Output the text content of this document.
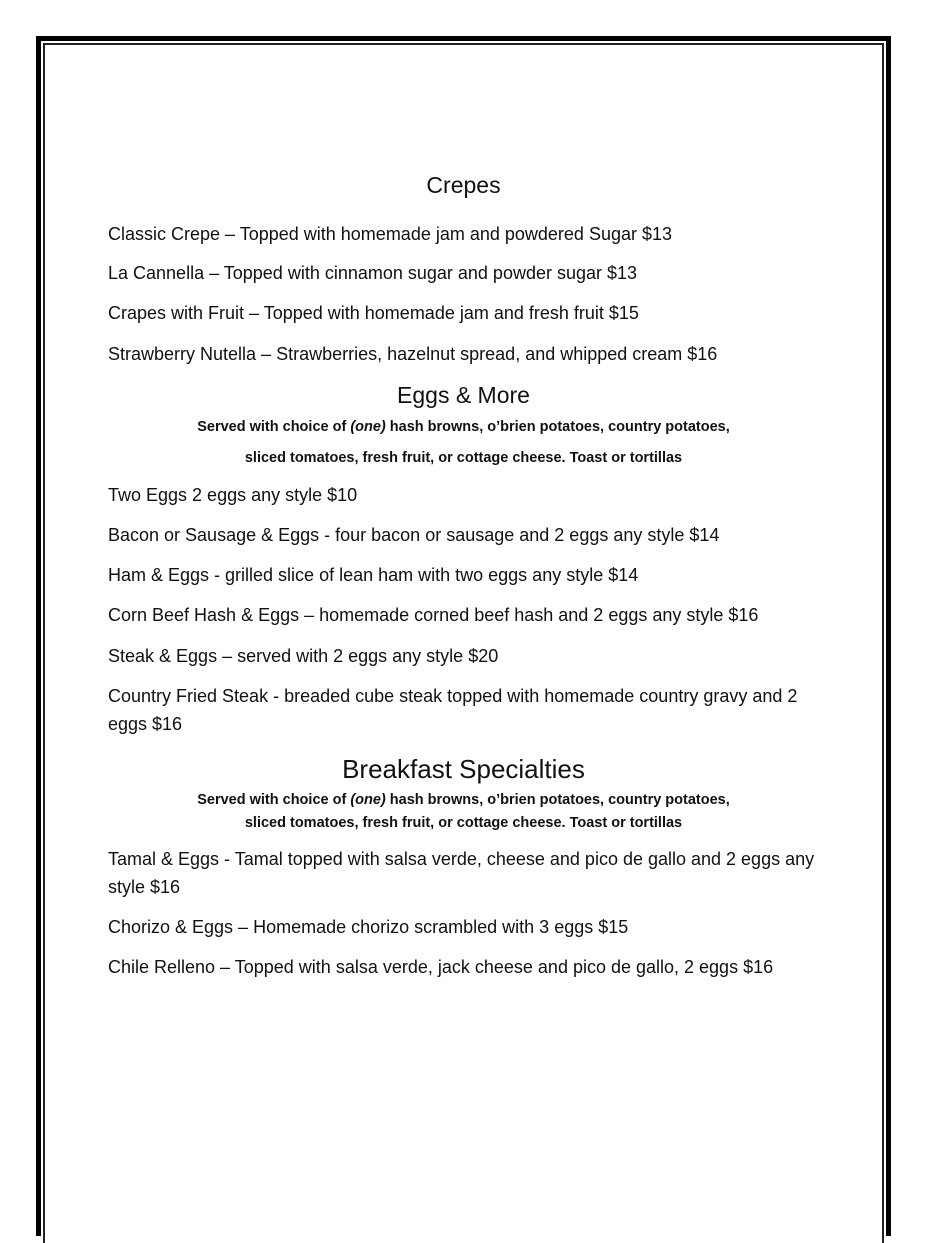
Crepes
Classic Crepe – Topped with homemade jam and powdered Sugar $13
La Cannella – Topped with cinnamon sugar and powder sugar $13
Crapes with Fruit – Topped with homemade jam and fresh fruit $15
Strawberry Nutella – Strawberries, hazelnut spread, and whipped cream $16
Eggs & More
Served with choice of (one) hash browns, o’brien potatoes, country potatoes,
sliced tomatoes, fresh fruit, or cottage cheese. Toast or tortillas
Two Eggs 2 eggs any style $10
Bacon or Sausage & Eggs - four bacon or sausage and 2 eggs any style $14
Ham & Eggs - grilled slice of lean ham with two eggs any style $14
Corn Beef Hash & Eggs – homemade corned beef hash and 2 eggs any style $16
Steak & Eggs – served with 2 eggs any style $20
Country Fried Steak - breaded cube steak topped with homemade country gravy and 2 eggs $16
Breakfast Specialties
Served with choice of (one) hash browns, o’brien potatoes, country potatoes,
sliced tomatoes, fresh fruit, or cottage cheese. Toast or tortillas
Tamal & Eggs - Tamal topped with salsa verde, cheese and pico de gallo and 2 eggs any style $16
Chorizo & Eggs – Homemade chorizo scrambled with 3 eggs $15
Chile Relleno – Topped with salsa verde, jack cheese and pico de gallo, 2 eggs $16
